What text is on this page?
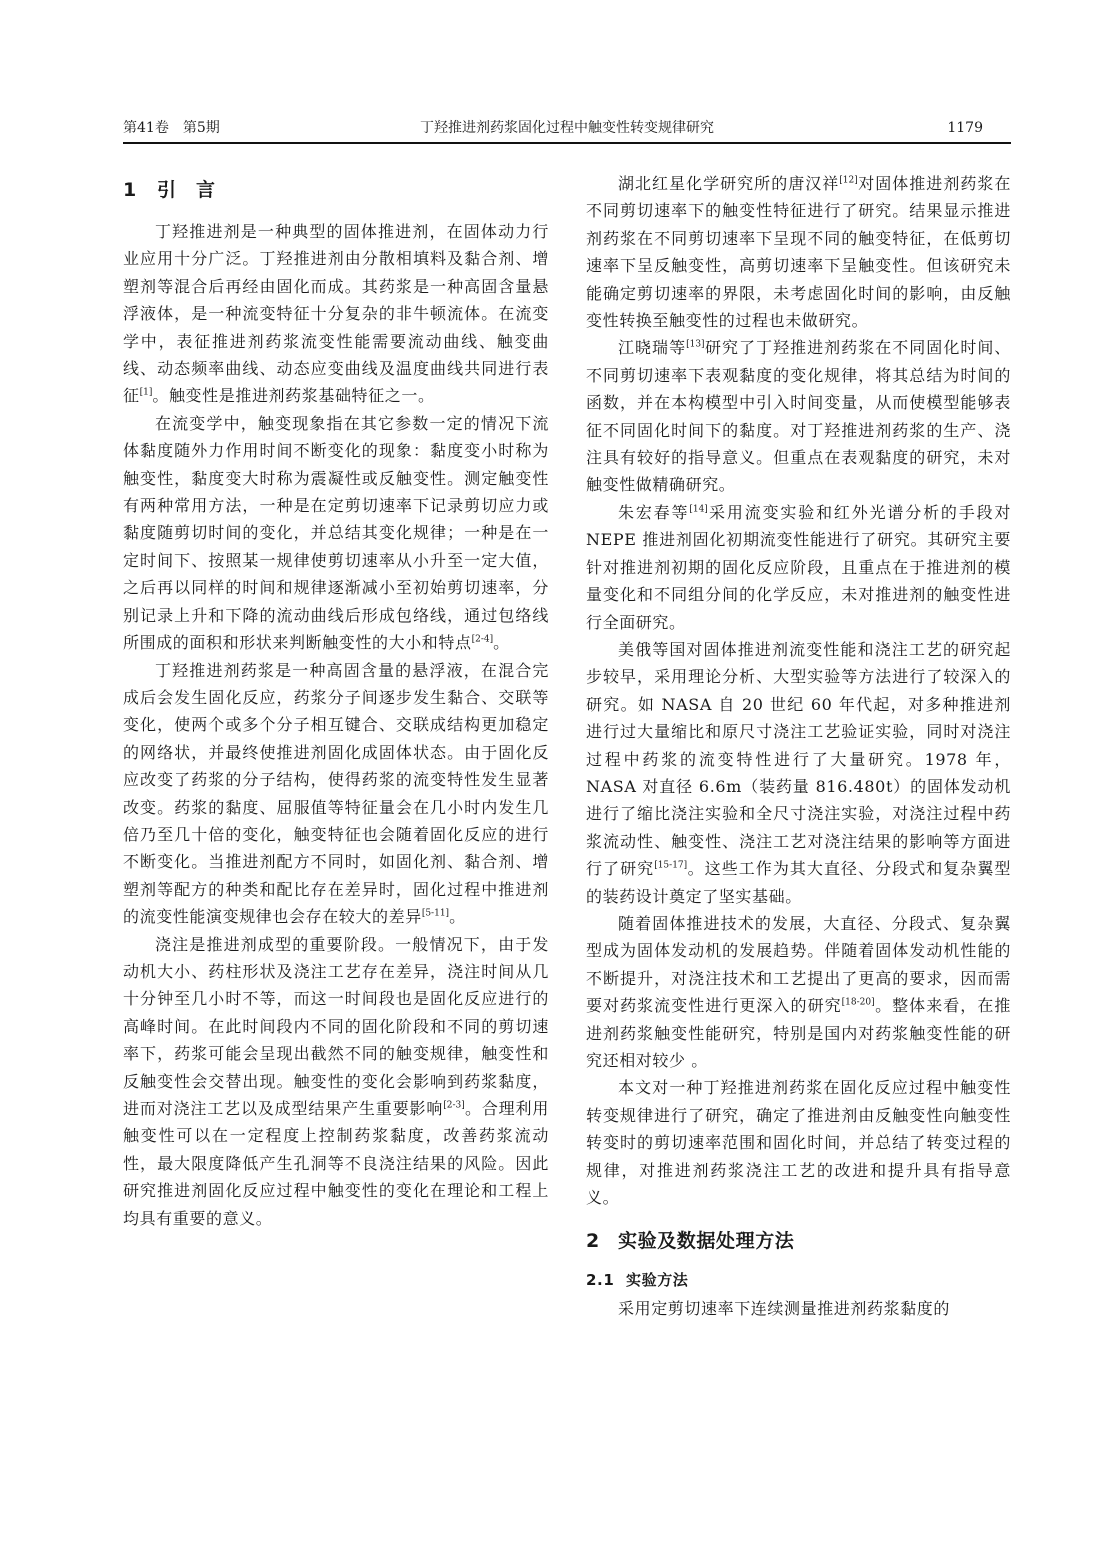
第41卷　第5期	丁羟推进剂药浆固化过程中触变性转变规律研究	1179
1 引言

丁羟推进剂是一种典型的固体推进剂，在固体动力行业应用十分广泛。丁羟推进剂由分散相填料及黏合剂、增塑剂等混合后再经由固化而成。其药浆是一种高固含量悬浮液体，是一种流变特征十分复杂的非牛顿流体。在流变学中，表征推进剂药浆流变性能需要流动曲线、触变曲线、动态频率曲线、动态应变曲线及温度曲线共同进行表征[1]。触变性是推进剂药浆基础特征之一。

在流变学中，触变现象指在其它参数一定的情况下流体黏度随外力作用时间不断变化的现象：黏度变小时称为触变性，黏度变大时称为震凝性或反触变性。测定触变性有两种常用方法，一种是在定剪切速率下记录剪切应力或黏度随剪切时间的变化，并总结其变化规律；一种是在一定时间下、按照某一规律使剪切速率从小升至一定大值，之后再以同样的时间和规律逐渐减小至初始剪切速率，分别记录上升和下降的流动曲线后形成包络线，通过包络线所围成的面积和形状来判断触变性的大小和特点[2-4]。

丁羟推进剂药浆是一种高固含量的悬浮液，在混合完成后会发生固化反应，药浆分子间逐步发生黏合、交联等变化，使两个或多个分子相互键合、交联成结构更加稳定的网络状，并最终使推进剂固化成固体状态。由于固化反应改变了药浆的分子结构，使得药浆的流变特性发生显著改变。药浆的黏度、屈服值等特征量会在几小时内发生几倍乃至几十倍的变化，触变特征也会随着固化反应的进行不断变化。当推进剂配方不同时，如固化剂、黏合剂、增塑剂等配方的种类和配比存在差异时，固化过程中推进剂的流变性能演变规律也会存在较大的差异[5-11]。

浇注是推进剂成型的重要阶段。一般情况下，由于发动机大小、药柱形状及浇注工艺存在差异，浇注时间从几十分钟至几小时不等，而这一时间段也是固化反应进行的高峰时间。在此时间段内不同的固化阶段和不同的剪切速率下，药浆可能会呈现出截然不同的触变规律，触变性和反触变性会交替出现。触变性的变化会影响到药浆黏度，进而对浇注工艺以及成型结果产生重要影响[2-3]。合理利用触变性可以在一定程度上控制药浆黏度，改善药浆流动性，最大限度降低产生孔洞等不良浇注结果的风险。因此研究推进剂固化反应过程中触变性的变化在理论和工程上均具有重要的意义。

湖北红星化学研究所的唐汉祥[12]对固体推进剂药浆在不同剪切速率下的触变性特征进行了研究。结果显示推进剂药浆在不同剪切速率下呈现不同的触变特征，在低剪切速率下呈反触变性，高剪切速率下呈触变性。但该研究未能确定剪切速率的界限，未考虑固化时间的影响，由反触变性转换至触变性的过程也未做研究。

江晓瑞等[13]研究了丁羟推进剂药浆在不同固化时间、不同剪切速率下表观黏度的变化规律，将其总结为时间的函数，并在本构模型中引入时间变量，从而使模型能够表征不同固化时间下的黏度。对丁羟推进剂药浆的生产、浇注具有较好的指导意义。但重点在表观黏度的研究，未对触变性做精确研究。

朱宏春等[14]采用流变实验和红外光谱分析的手段对 NEPE 推进剂固化初期流变性能进行了研究。其研究主要针对推进剂初期的固化反应阶段，且重点在于推进剂的模量变化和不同组分间的化学反应，未对推进剂的触变性进行全面研究。

美俄等国对固体推进剂流变性能和浇注工艺的研究起步较早，采用理论分析、大型实验等方法进行了较深入的研究。如 NASA 自 20 世纪 60 年代起，对多种推进剂进行过大量缩比和原尺寸浇注工艺验证实验，同时对浇注过程中药浆的流变特性进行了大量研究。1978 年，NASA 对直径 6.6m（装药量 816.480t）的固体发动机进行了缩比浇注实验和全尺寸浇注实验，对浇注过程中药浆流动性、触变性、浇注工艺对浇注结果的影响等方面进行了研究[15-17]。这些工作为其大直径、分段式和复杂翼型的装药设计奠定了坚实基础。

随着固体推进技术的发展，大直径、分段式、复杂翼型成为固体发动机的发展趋势。伴随着固体发动机性能的不断提升，对浇注技术和工艺提出了更高的要求，因而需要对药浆流变性进行更深入的研究[18-20]。整体来看，在推进剂药浆触变性能研究，特别是国内对药浆触变性能的研究还相对较少 。

本文对一种丁羟推进剂药浆在固化反应过程中触变性转变规律进行了研究，确定了推进剂由反触变性向触变性转变时的剪切速率范围和固化时间，并总结了转变过程的规律，对推进剂药浆浇注工艺的改进和提升具有指导意义。

2 实验及数据处理方法
2.1 实验方法

采用定剪切速率下连续测量推进剂药浆黏度的
